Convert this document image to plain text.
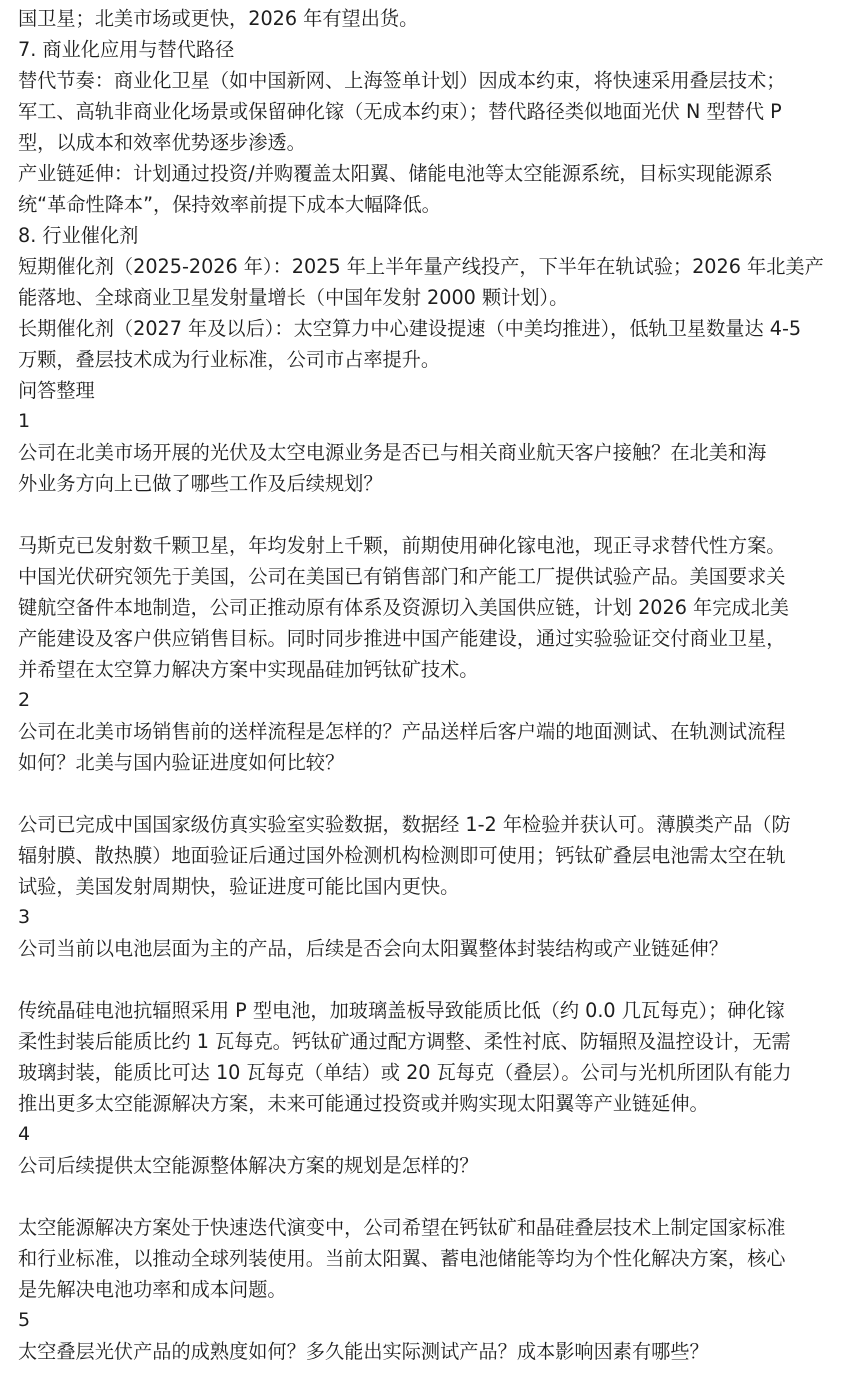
国卫星；北美市场或更快，2026 年有望出货。
7. 商业化应用与替代路径
替代节奏：商业化卫星（如中国新网、上海签单计划）因成本约束，将快速采用叠层技术；
军工、高轨非商业化场景或保留砷化镓（无成本约束）；替代路径类似地面光伏 N 型替代 P
型，以成本和效率优势逐步渗透。
产业链延伸：计划通过投资/并购覆盖太阳翼、储能电池等太空能源系统，目标实现能源系
统“革命性降本”，保持效率前提下成本大幅降低。
8. 行业催化剂
短期催化剂（2025-2026 年）：2025 年上半年量产线投产，下半年在轨试验；2026 年北美产
能落地、全球商业卫星发射量增长（中国年发射 2000 颗计划）。
长期催化剂（2027 年及以后）：太空算力中心建设提速（中美均推进），低轨卫星数量达 4-5
万颗，叠层技术成为行业标准，公司市占率提升。
问答整理
1
公司在北美市场开展的光伏及太空电源业务是否已与相关商业航天客户接触？在北美和海
外业务方向上已做了哪些工作及后续规划？
马斯克已发射数千颗卫星，年均发射上千颗，前期使用砷化镓电池，现正寻求替代性方案。
中国光伏研究领先于美国，公司在美国已有销售部门和产能工厂提供试验产品。美国要求关
键航空备件本地制造，公司正推动原有体系及资源切入美国供应链，计划 2026 年完成北美
产能建设及客户供应销售目标。同时同步推进中国产能建设，通过实验验证交付商业卫星，
并希望在太空算力解决方案中实现晶硅加钙钛矿技术。
2
公司在北美市场销售前的送样流程是怎样的？产品送样后客户端的地面测试、在轨测试流程
如何？北美与国内验证进度如何比较？
公司已完成中国国家级仿真实验室实验数据，数据经 1-2 年检验并获认可。薄膜类产品（防
辐射膜、散热膜）地面验证后通过国外检测机构检测即可使用；钙钛矿叠层电池需太空在轨
试验，美国发射周期快，验证进度可能比国内更快。
3
公司当前以电池层面为主的产品，后续是否会向太阳翼整体封装结构或产业链延伸？
传统晶硅电池抗辐照采用 P 型电池，加玻璃盖板导致能质比低（约 0.0 几瓦每克）；砷化镓
柔性封装后能质比约 1 瓦每克。钙钛矿通过配方调整、柔性衬底、防辐照及温控设计，无需
玻璃封装，能质比可达 10 瓦每克（单结）或 20 瓦每克（叠层）。公司与光机所团队有能力
推出更多太空能源解决方案，未来可能通过投资或并购实现太阳翼等产业链延伸。
4
公司后续提供太空能源整体解决方案的规划是怎样的？
太空能源解决方案处于快速迭代演变中，公司希望在钙钛矿和晶硅叠层技术上制定国家标准
和行业标准，以推动全球列装使用。当前太阳翼、蓄电池储能等均为个性化解决方案，核心
是先解决电池功率和成本问题。
5
太空叠层光伏产品的成熟度如何？多久能出实际测试产品？成本影响因素有哪些？
